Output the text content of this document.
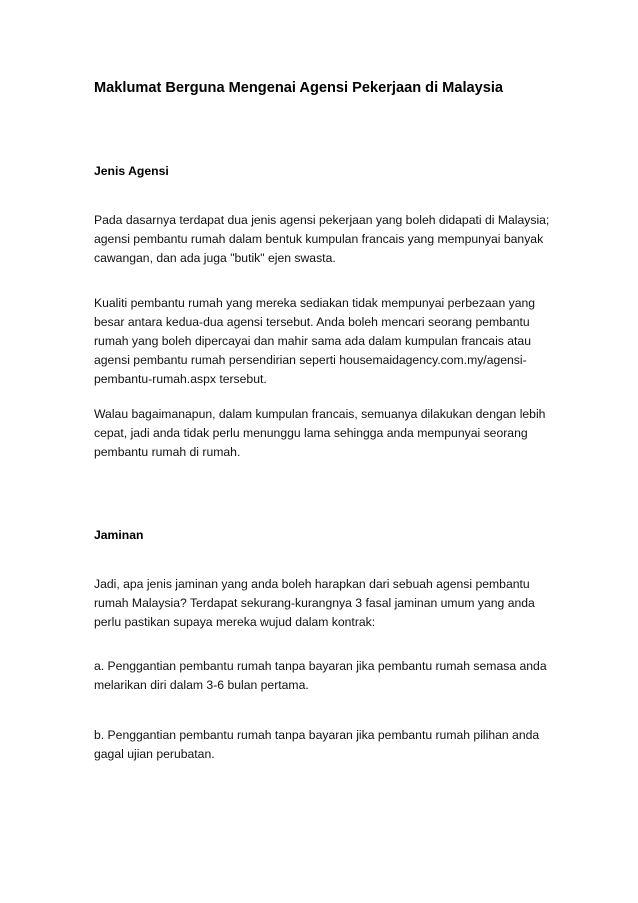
Maklumat Berguna Mengenai Agensi Pekerjaan di Malaysia
Jenis Agensi

Pada dasarnya terdapat dua jenis agensi pekerjaan yang boleh didapati di Malaysia; agensi pembantu rumah dalam bentuk kumpulan francais yang mempunyai banyak cawangan, dan ada juga "butik" ejen swasta.

Kualiti pembantu rumah yang mereka sediakan tidak mempunyai perbezaan yang besar antara kedua-dua agensi tersebut. Anda boleh mencari seorang pembantu rumah yang boleh dipercayai dan mahir sama ada dalam kumpulan francais atau agensi pembantu rumah persendirian seperti housemaidagency.com.my/agensi-pembantu-rumah.aspx tersebut.

Walau bagaimanapun, dalam kumpulan francais, semuanya dilakukan dengan lebih cepat, jadi anda tidak perlu menunggu lama sehingga anda mempunyai seorang pembantu rumah di rumah.

Jaminan

Jadi, apa jenis jaminan yang anda boleh harapkan dari sebuah agensi pembantu rumah Malaysia? Terdapat sekurang-kurangnya 3 fasal jaminan umum yang anda perlu pastikan supaya mereka wujud dalam kontrak:

a. Penggantian pembantu rumah tanpa bayaran jika pembantu rumah semasa anda melarikan diri dalam 3-6 bulan pertama.

b. Penggantian pembantu rumah tanpa bayaran jika pembantu rumah pilihan anda gagal ujian perubatan.
